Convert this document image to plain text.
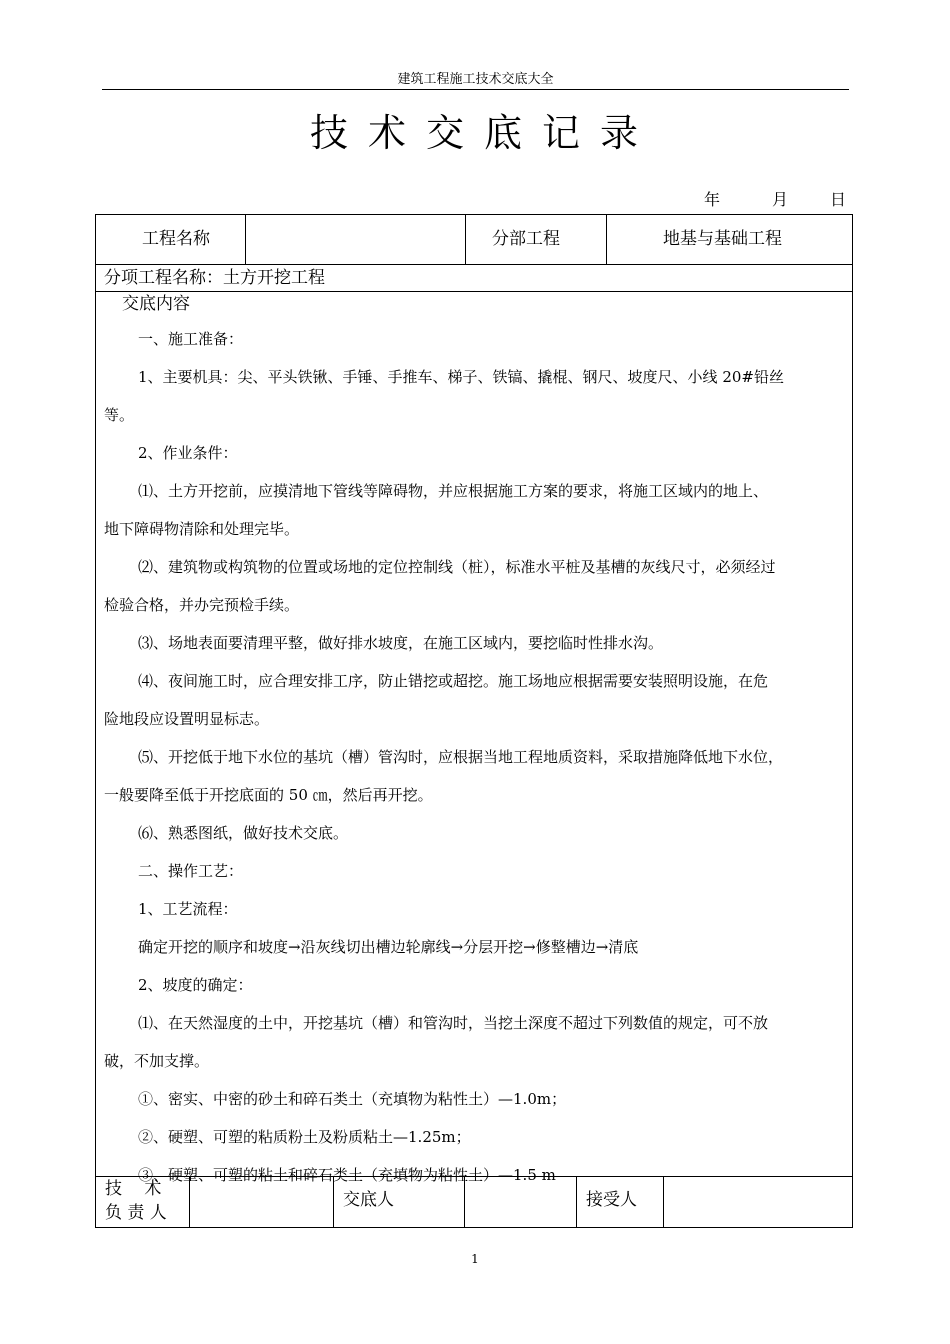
建筑工程施工技术交底大全
技术交底记录
年	月	日
工程名称	分部工程	地基与基础工程
分项工程名称：土方开挖工程
交底内容
一、施工准备：
1、主要机具：尖、平头铁锹、手锤、手推车、梯子、铁镐、撬棍、钢尺、坡度尺、小线 20#铅丝
等。
2、作业条件：
⑴、土方开挖前，应摸清地下管线等障碍物，并应根据施工方案的要求，将施工区域内的地上、
地下障碍物清除和处理完毕。
⑵、建筑物或构筑物的位置或场地的定位控制线（桩），标准水平桩及基槽的灰线尺寸，必须经过
检验合格，并办完预检手续。
⑶、场地表面要清理平整，做好排水坡度，在施工区域内，要挖临时性排水沟。
⑷、夜间施工时，应合理安排工序，防止错挖或超挖。施工场地应根据需要安装照明设施，在危
险地段应设置明显标志。
⑸、开挖低于地下水位的基坑（槽）管沟时，应根据当地工程地质资料，采取措施降低地下水位，
一般要降至低于开挖底面的 50 ㎝，然后再开挖。
⑹、熟悉图纸，做好技术交底。
二、操作工艺：
1、工艺流程：
确定开挖的顺序和坡度→沿灰线切出槽边轮廓线→分层开挖→修整槽边→清底
2、坡度的确定：
⑴、在天然湿度的土中，开挖基坑（槽）和管沟时，当挖土深度不超过下列数值的规定，可不放
破，不加支撑。
①、密实、中密的砂土和碎石类土（充填物为粘性土）—1.0m；
②、硬塑、可塑的粘质粉土及粉质粘土—1.25m；
③、硬塑、可塑的粘土和碎石类土（充填物为粘性土）—1.5 m
技　 术
负 责 人
交底人	接受人
1
